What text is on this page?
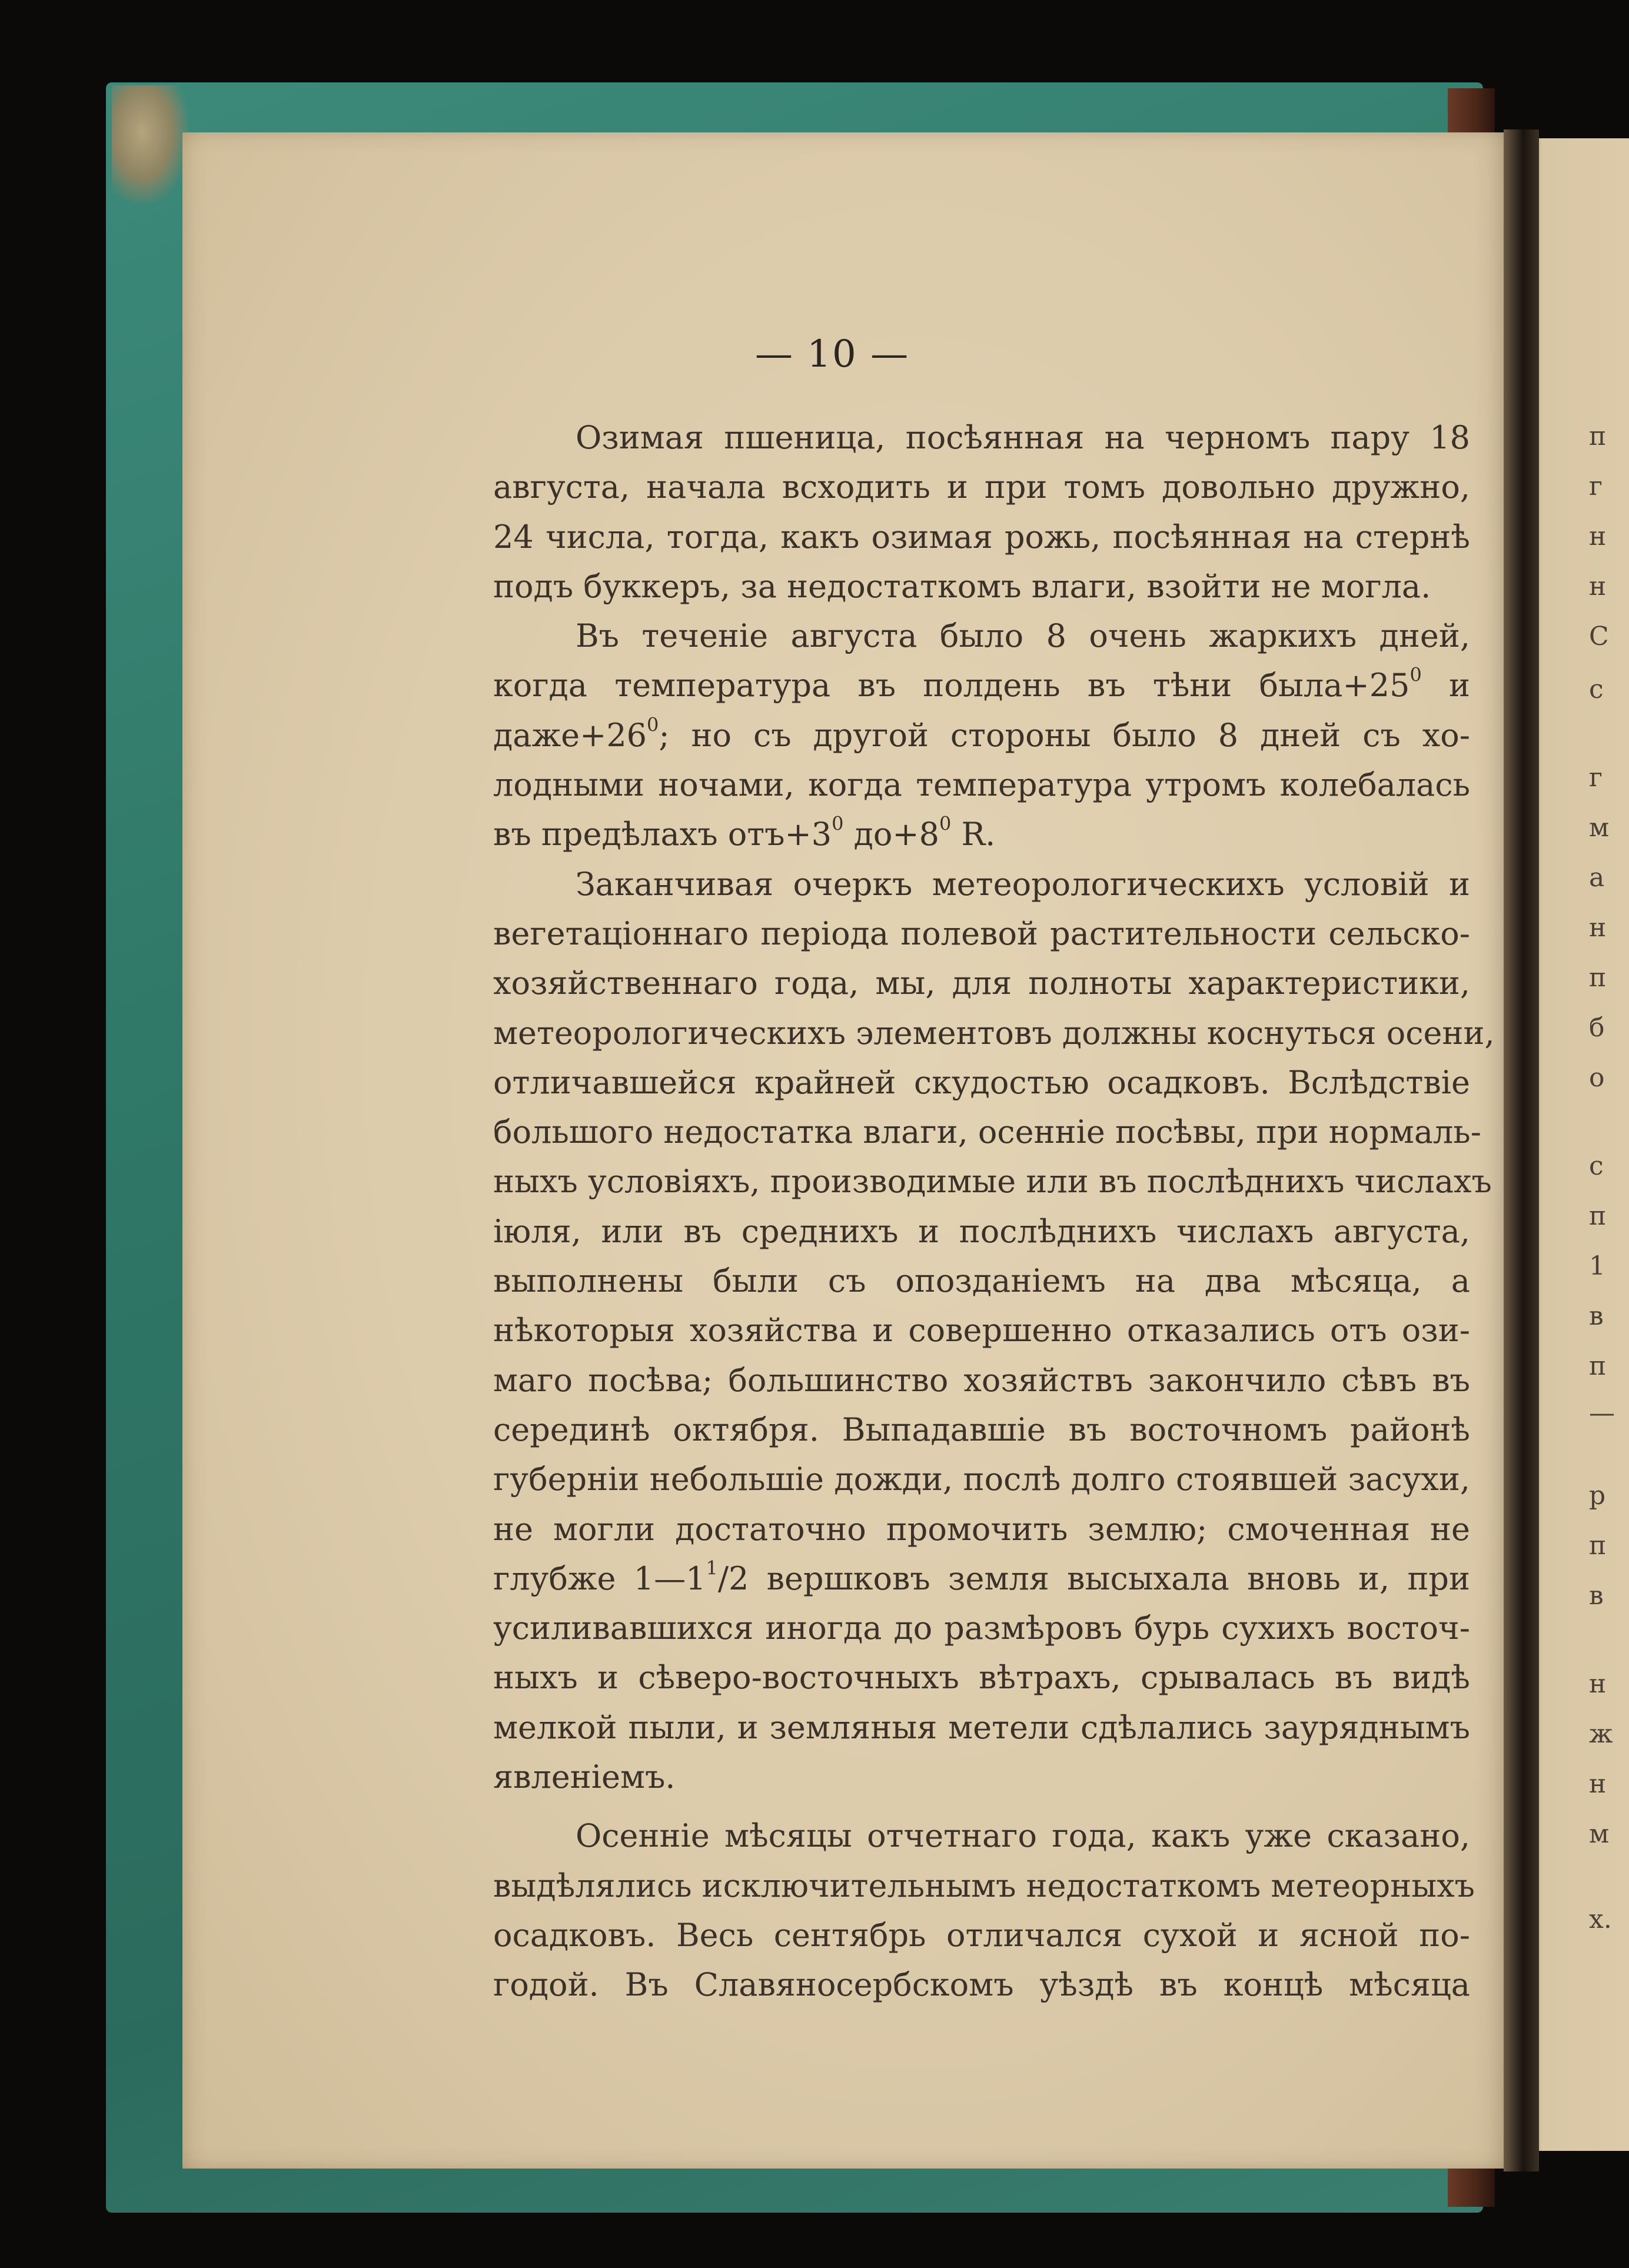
п
г
н
н
С
с
г
м
а
н
п
б
о
с
п
1
в
п
—
р
п
в
н
ж
н
м
х.
— 10 —
Озимая пшеница, посѣянная на черномъ пару 18
августа, начала всходить и при томъ довольно дружно,
24 числа, тогда, какъ озимая рожь, посѣянная на стернѣ
подъ буккеръ, за недостаткомъ влаги, взойти не могла.
Въ теченіе августа было 8 очень жаркихъ дней,
когда температура въ полдень въ тѣни $была+25^0$ и
$даже+26^0$; но съ другой стороны было 8 дней съ хо-
лодными ночами, когда температура утромъ колебалась
въ предѣлахъ $отъ+3^0$ $до+8^0$ R.
Заканчивая очеркъ метеорологическихъ условій и
вегетаціоннаго періода полевой растительности сельско-
хозяйственнаго года, мы, для полноты характеристики,
метеорологическихъ элементовъ должны коснуться осени,
отличавшейся крайней скудостью осадковъ. Вслѣдствіе
большого недостатка влаги, осенніе посѣвы, при нормаль-
ныхъ условіяхъ, производимые или въ послѣднихъ числахъ
іюля, или въ среднихъ и послѣднихъ числахъ августа,
выполнены были съ опозданіемъ на два мѣсяца, а
нѣкоторыя хозяйства и совершенно отказались отъ ози-
маго посѣва; большинство хозяйствъ закончило сѣвъ въ
серединѣ октября. Выпадавшіе въ восточномъ районѣ
губерніи небольшіе дожди, послѣ долго стоявшей засухи,
не могли достаточно промочить землю; смоченная не
глубже $1—1^1/2$ вершковъ земля высыхала вновь и, при
усиливавшихся иногда до размѣровъ бурь сухихъ восточ-
ныхъ и сѣверо-восточныхъ вѣтрахъ, срывалась въ видѣ
мелкой пыли, и земляныя метели сдѣлались зауряднымъ
явленіемъ.
Осенніе мѣсяцы отчетнаго года, какъ уже сказано,
выдѣлялись исключительнымъ недостаткомъ метеорныхъ
осадковъ. Весь сентябрь отличался сухой и ясной по-
годой. Въ Славяносербскомъ уѣздѣ въ концѣ мѣсяца
